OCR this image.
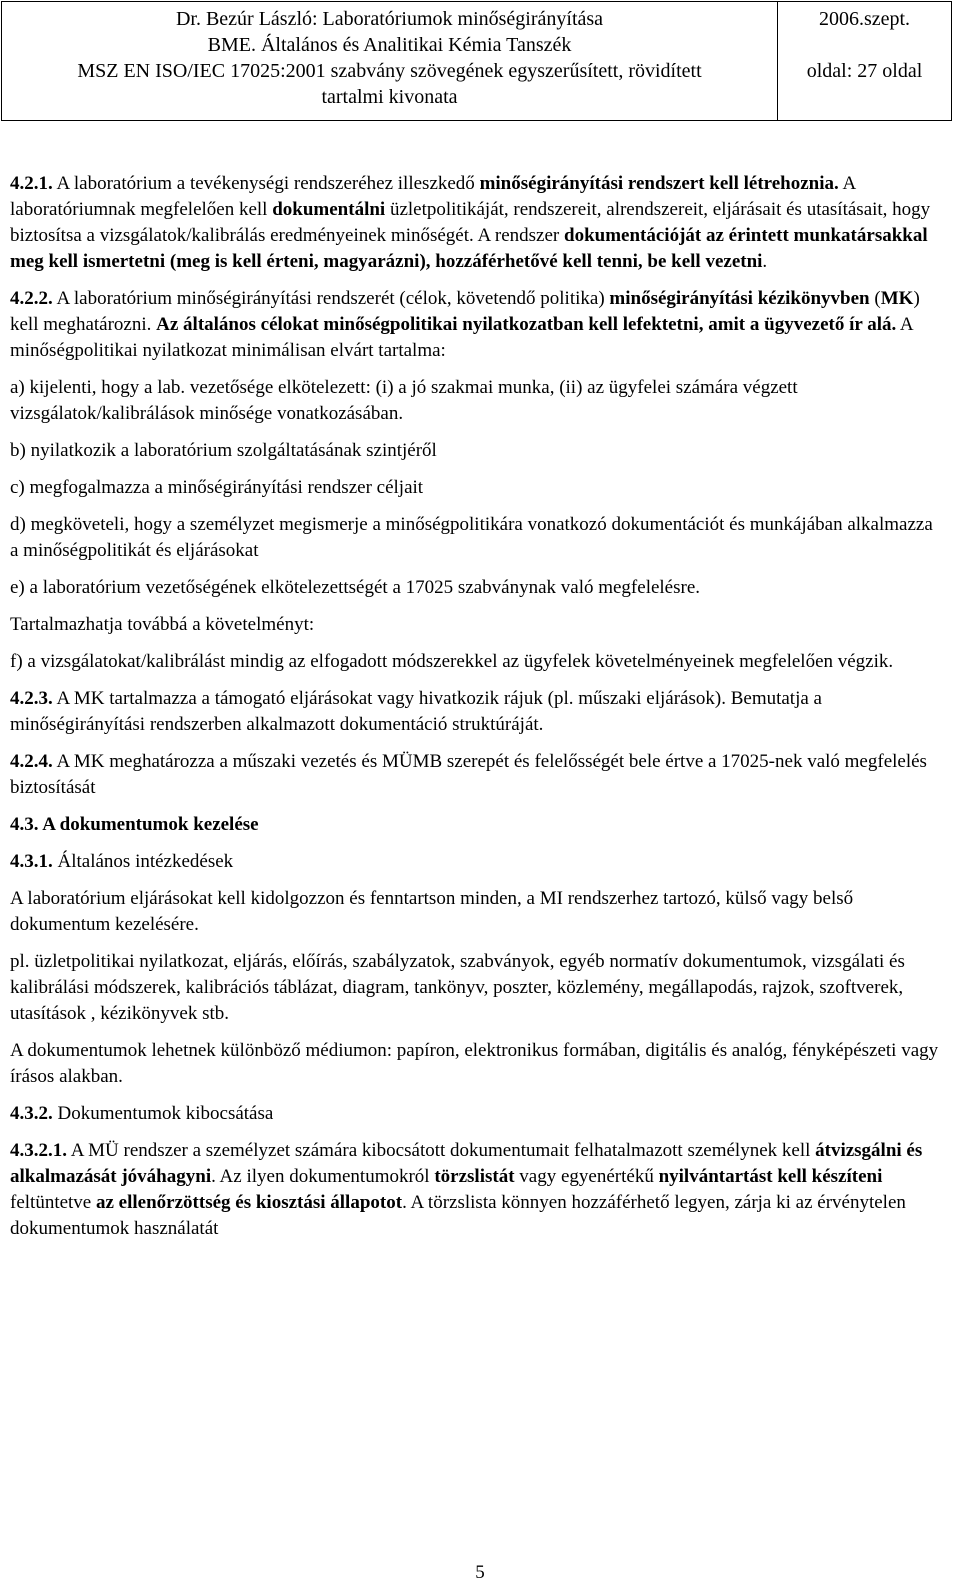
Dr. Bezúr László: Laboratóriumok minőségirányítása
BME. Általános és Analitikai Kémia Tanszék
MSZ EN ISO/IEC 17025:2001 szabvány szövegének egyszerűsített, rövidített
tartalmi kivonata
2006.szept.
oldal: 27 oldal

4.2.1. A laboratórium a tevékenységi rendszeréhez illeszkedő minőségirányítási rendszert kell létrehoznia. A laboratóriumnak megfelelően kell dokumentálni üzletpolitikáját, rendszereit, alrendszereit, eljárásait és utasításait, hogy biztosítsa a vizsgálatok/kalibrálás eredményeinek minőségét. A rendszer dokumentációját az érintett munkatársakkal meg kell ismertetni (meg is kell érteni, magyarázni), hozzáférhetővé kell tenni, be kell vezetni.

4.2.2. A laboratórium minőségirányítási rendszerét (célok, követendő politika) minőségirányítási kézikönyvben (MK) kell meghatározni. Az általános célokat minőségpolitikai nyilatkozatban kell lefektetni, amit a ügyvezető ír alá. A minőségpolitikai nyilatkozat minimálisan elvárt tartalma:

a) kijelenti, hogy a lab. vezetősége elkötelezett: (i) a jó szakmai munka, (ii) az ügyfelei számára végzett vizsgálatok/kalibrálások minősége vonatkozásában.

b) nyilatkozik a laboratórium szolgáltatásának szintjéről

c) megfogalmazza a minőségirányítási rendszer céljait

d) megköveteli, hogy a személyzet megismerje a minőségpolitikára vonatkozó dokumentációt és munkájában alkalmazza a minőségpolitikát és eljárásokat

e) a laboratórium vezetőségének elkötelezettségét a 17025 szabványnak való megfelelésre.

Tartalmazhatja továbbá a követelményt:

f) a vizsgálatokat/kalibrálást mindig az elfogadott módszerekkel az ügyfelek követelményeinek megfelelően végzik.

4.2.3. A MK tartalmazza a támogató eljárásokat vagy hivatkozik rájuk (pl. műszaki eljárások). Bemutatja a minőségirányítási rendszerben alkalmazott dokumentáció struktúráját.

4.2.4. A MK meghatározza a műszaki vezetés és MÜMB szerepét és felelősségét bele értve a 17025-nek való megfelelés biztosítását

4.3. A dokumentumok kezelése

4.3.1. Általános intézkedések

A laboratórium eljárásokat kell kidolgozzon és fenntartson minden, a MI rendszerhez tartozó, külső vagy belső dokumentum kezelésére.

pl. üzletpolitikai nyilatkozat, eljárás, előírás, szabályzatok, szabványok, egyéb normatív dokumentumok, vizsgálati és kalibrálási módszerek, kalibrációs táblázat, diagram, tankönyv, poszter, közlemény, megállapodás, rajzok, szoftverek, utasítások , kézikönyvek stb.

A dokumentumok lehetnek különböző médiumon: papíron, elektronikus formában, digitális és analóg, fényképészeti vagy írásos alakban.

4.3.2. Dokumentumok kibocsátása

4.3.2.1. A MÜ rendszer a személyzet számára kibocsátott dokumentumait felhatalmazott személynek kell átvizsgálni és alkalmazását jóváhagyni. Az ilyen dokumentumokról törzslistát vagy egyenértékű nyilvántartást kell készíteni feltüntetve az ellenőrzöttség és kiosztási állapotot. A törzslista könnyen hozzáférhető legyen, zárja ki az érvénytelen dokumentumok használatát

5
